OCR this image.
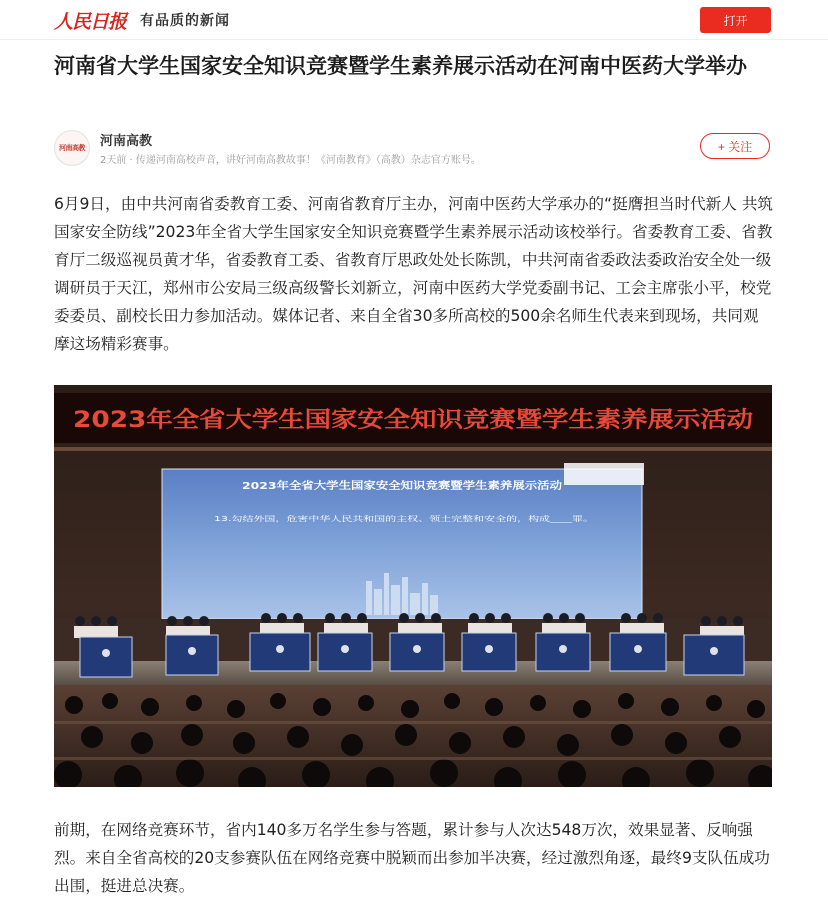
人民日报 有品质的新闻	打开
河南省大学生国家安全知识竞赛暨学生素养展示活动在河南中医药大学举办
河南高教 河南高教
2天前 · 传递河南高校声音，讲好河南高教故事！《河南教育》（高教）杂志官方账号。
+ 关注

6月9日，由中共河南省委教育工委、河南省教育厅主办，河南中医药大学承办的“挺膺担当时代新人 共筑国家安全防线”2023年全省大学生国家安全知识竞赛暨学生素养展示活动该校举行。省委教育工委、省教育厅二级巡视员黄才华，省委教育工委、省教育厅思政处处长陈凯，中共河南省委政法委政治安全处一级调研员于天江，郑州市公安局三级高级警长刘新立，河南中医药大学党委副书记、工会主席张小平，校党委委员、副校长田力参加活动。媒体记者、来自全省30多所高校的500余名师生代表来到现场，共同观摩这场精彩赛事。

2023年全省大学生国家安全知识竞赛暨学生素养展示活动
2023年全省大学生国家安全知识竞赛暨学生素养展示活动
13.勾结外国，危害中华人民共和国的主权、领土完整和安全的，构成____罪。

前期，在网络竞赛环节，省内140多万名学生参与答题，累计参与人次达548万次，效果显著、反响强烈。来自全省高校的20支参赛队伍在网络竞赛中脱颖而出参加半决赛，经过激烈角逐，最终9支队伍成功出围，挺进总决赛。
